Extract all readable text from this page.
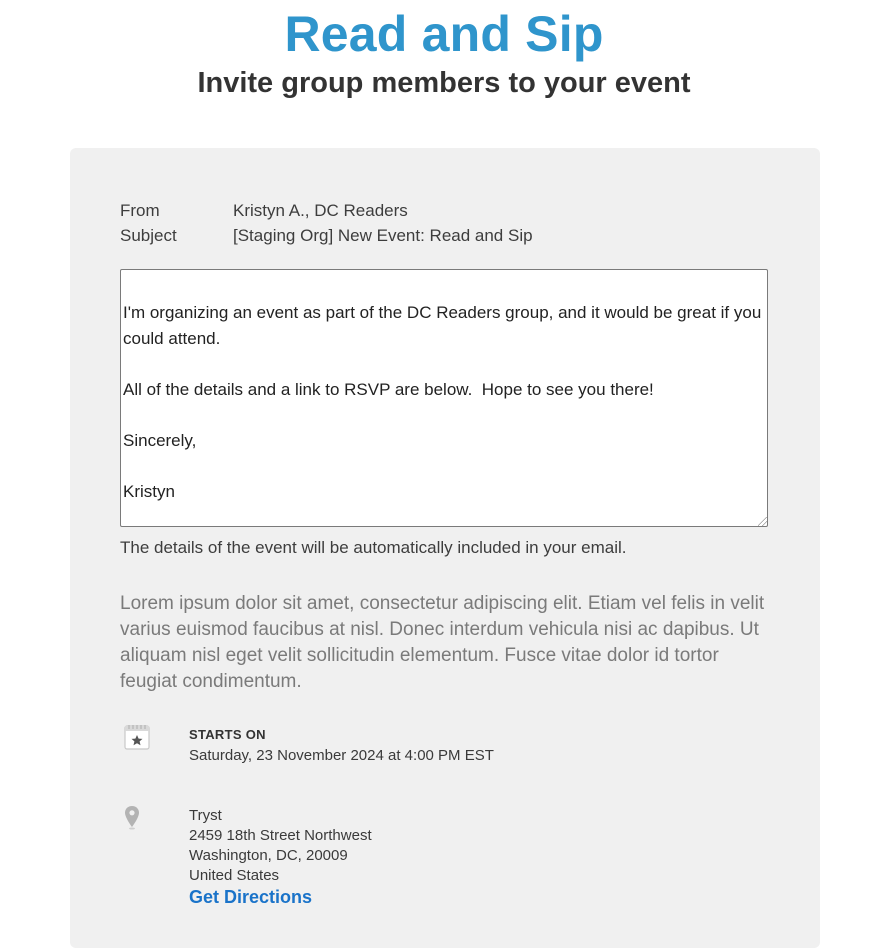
Read and Sip
Invite group members to your event
From	Kristyn A., DC Readers
Subject	[Staging Org] New Event: Read and Sip
I'm organizing an event as part of the DC Readers group, and it would be great if you could attend.

All of the details and a link to RSVP are below.  Hope to see you there!

Sincerely,

Kristyn
The details of the event will be automatically included in your email.
Lorem ipsum dolor sit amet, consectetur adipiscing elit. Etiam vel felis in velit varius euismod faucibus at nisl. Donec interdum vehicula nisi ac dapibus. Ut aliquam nisl eget velit sollicitudin elementum. Fusce vitae dolor id tortor feugiat condimentum.
STARTS ON
Saturday, 23 November 2024 at 4:00 PM EST
Tryst
2459 18th Street Northwest
Washington, DC, 20009
United States
Get Directions
